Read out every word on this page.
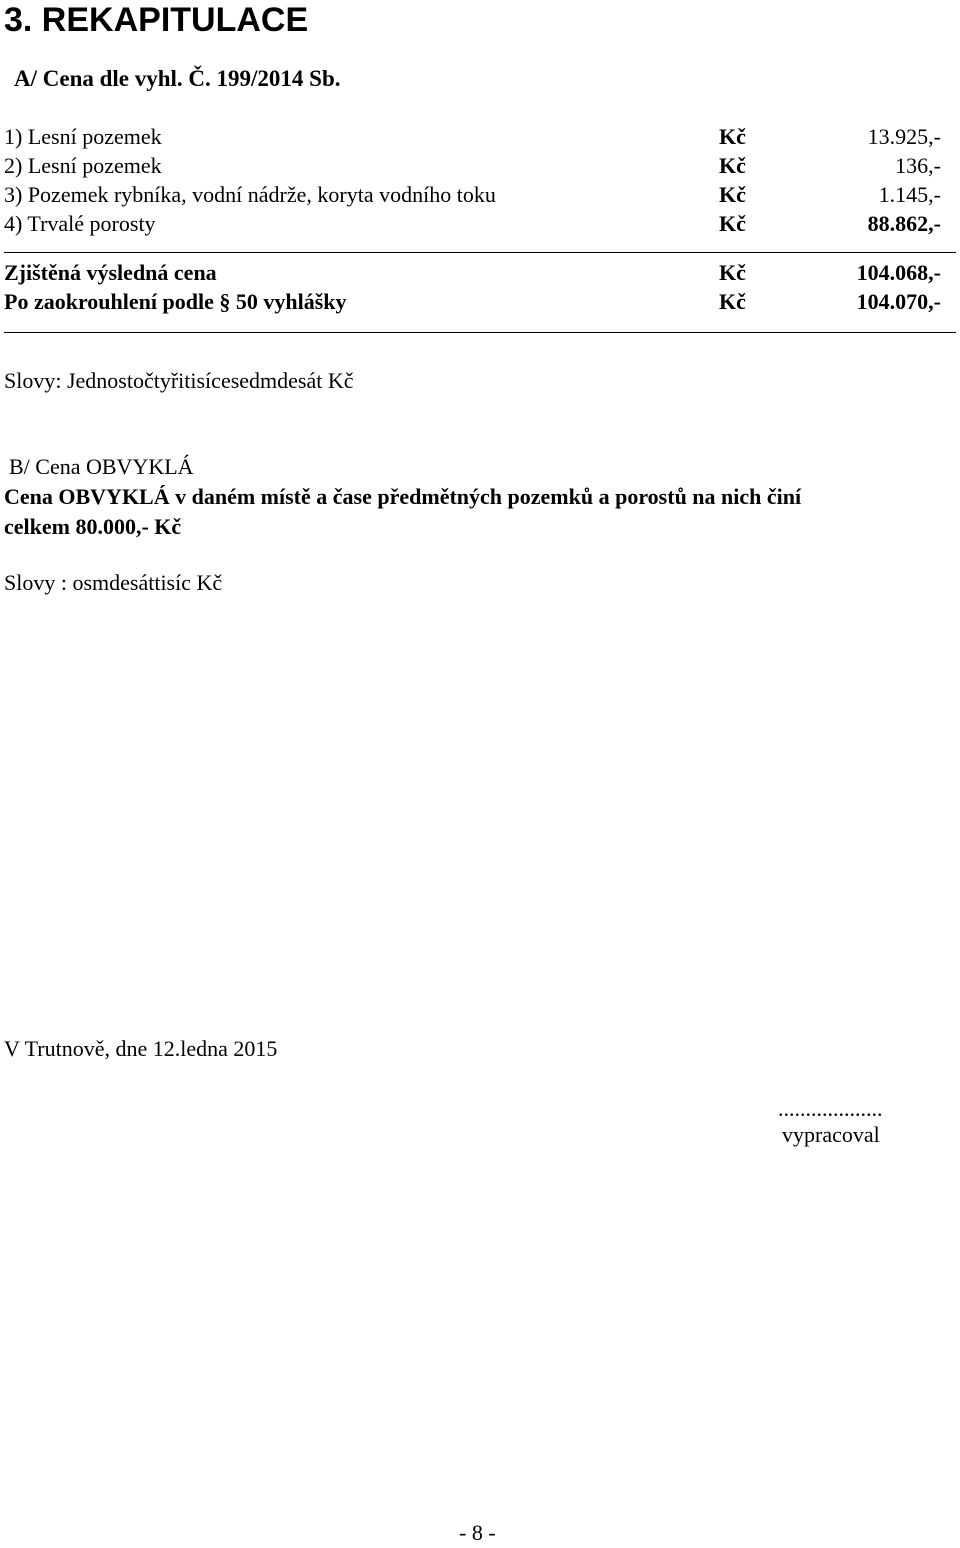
3. REKAPITULACE
A/ Cena dle vyhl. Č. 199/2014 Sb.
1) Lesní pozemek	Kč	13.925,-
2) Lesní pozemek	Kč	136,-
3) Pozemek rybníka, vodní nádrže, koryta vodního toku	Kč	1.145,-
4) Trvalé porosty	Kč	88.862,-
Zjištěná výsledná cena	Kč	104.068,-
Po zaokrouhlení podle § 50 vyhlášky	Kč	104.070,-
Slovy: Jednostočtyřitisícesedmdesát Kč
B/ Cena OBVYKLÁ
Cena OBVYKLÁ v daném místě a čase předmětných pozemků a porostů na nich činí
celkem 80.000,- Kč
Slovy : osmdesáttisíc Kč
V Trutnově, dne 12.ledna 2015
...................
vypracoval
- 8 -
